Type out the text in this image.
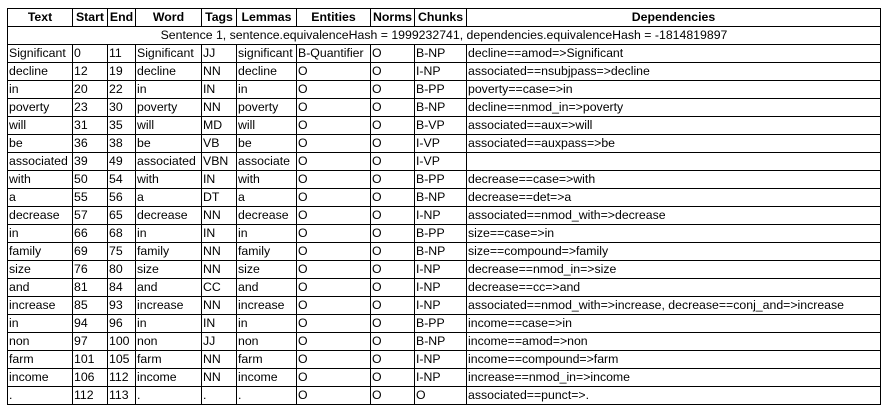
Text	Start	End	Word	Tags	Lemmas	Entities	Norms	Chunks	Dependencies
Sentence 1, sentence.equivalenceHash = 1999232741, dependencies.equivalenceHash = -1814819897									
Significant	0	11	Significant	JJ	significant	B-Quantifier	O	B-NP	decline==amod=>Significant
decline	12	19	decline	NN	decline	O	O	I-NP	associated==nsubjpass=>decline
in	20	22	in	IN	in	O	O	B-PP	poverty==case=>in
poverty	23	30	poverty	NN	poverty	O	O	B-NP	decline==nmod_in=>poverty
will	31	35	will	MD	will	O	O	B-VP	associated==aux=>will
be	36	38	be	VB	be	O	O	I-VP	associated==auxpass=>be
associated	39	49	associated	VBN	associate	O	O	I-VP	
with	50	54	with	IN	with	O	O	B-PP	decrease==case=>with
a	55	56	a	DT	a	O	O	B-NP	decrease==det=>a
decrease	57	65	decrease	NN	decrease	O	O	I-NP	associated==nmod_with=>decrease
in	66	68	in	IN	in	O	O	B-PP	size==case=>in
family	69	75	family	NN	family	O	O	B-NP	size==compound=>family
size	76	80	size	NN	size	O	O	I-NP	decrease==nmod_in=>size
and	81	84	and	CC	and	O	O	I-NP	decrease==cc=>and
increase	85	93	increase	NN	increase	O	O	I-NP	associated==nmod_with=>increase, decrease==conj_and=>increase
in	94	96	in	IN	in	O	O	B-PP	income==case=>in
non	97	100	non	JJ	non	O	O	B-NP	income==amod=>non
farm	101	105	farm	NN	farm	O	O	I-NP	income==compound=>farm
income	106	112	income	NN	income	O	O	I-NP	increase==nmod_in=>income
.	112	113	.	.	.	O	O	O	associated==punct=>.
